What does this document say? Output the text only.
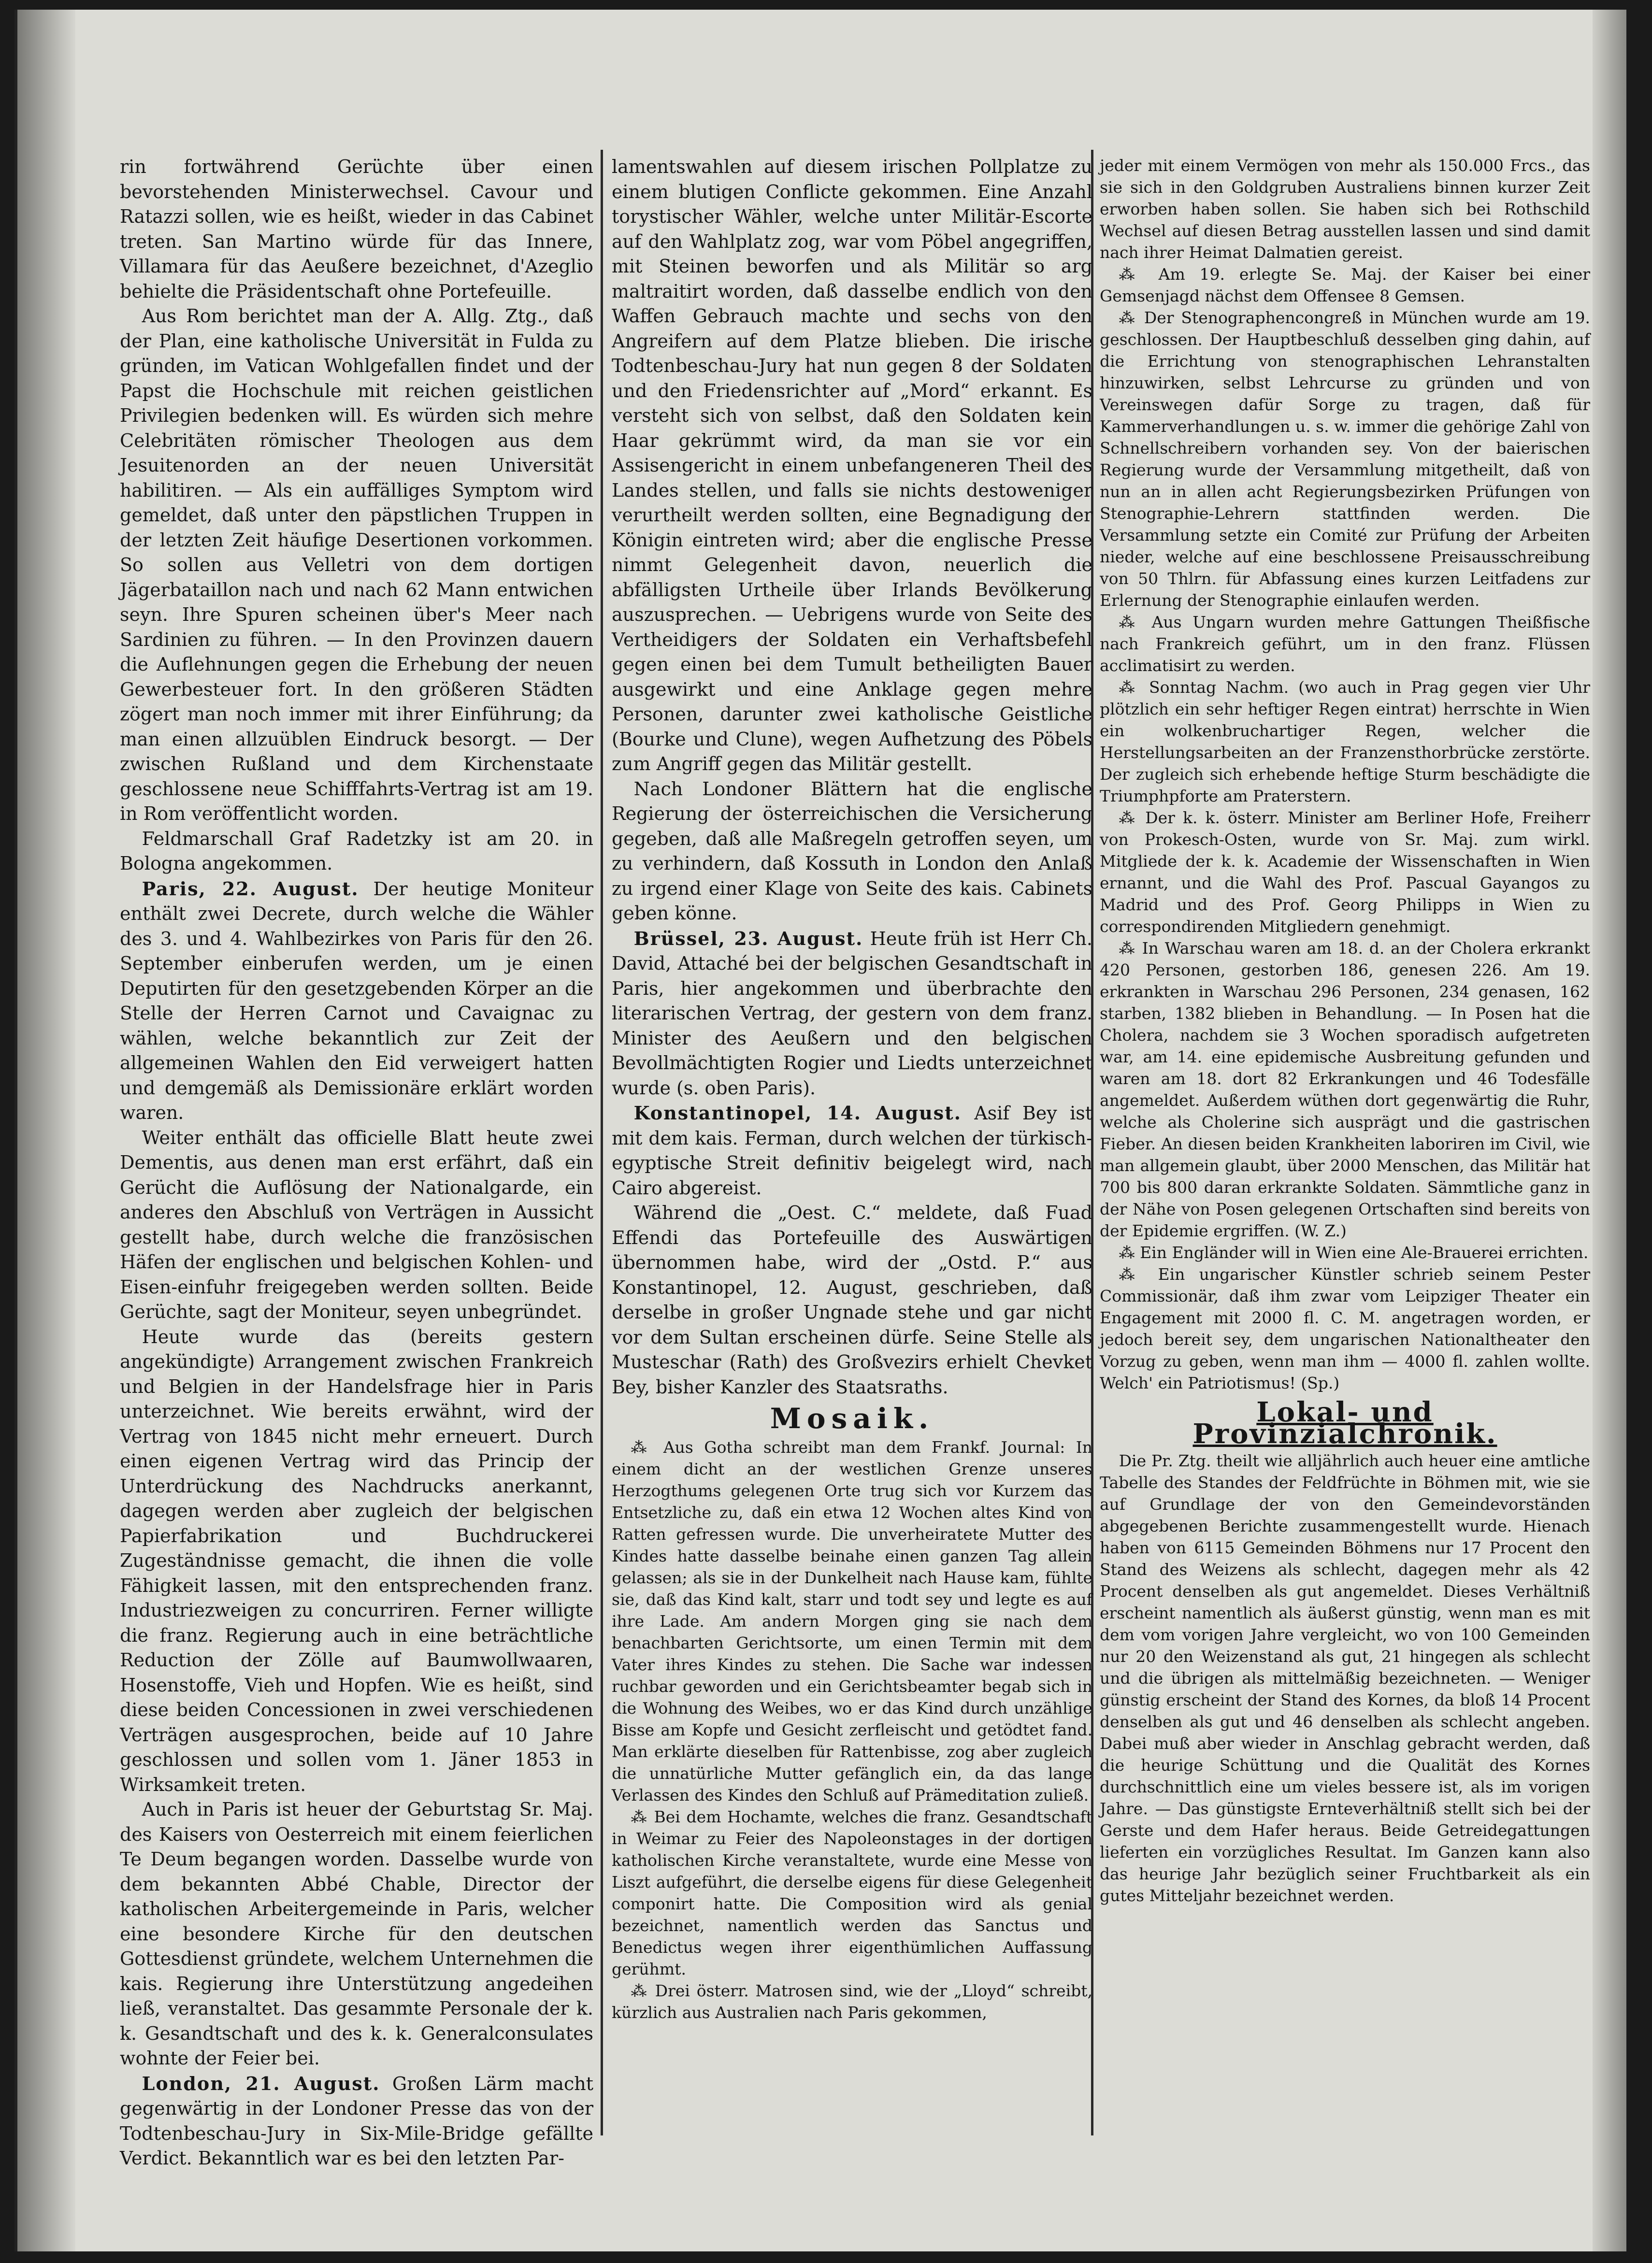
rin fortwährend Gerüchte über einen bevorstehenden Ministerwechsel. Cavour und Ratazzi sollen, wie es heißt, wieder in das Cabinet treten. San Martino würde für das Innere, Villamara für das Aeußere bezeichnet, d'Azeglio behielte die Präsidentschaft ohne Portefeuille.

Aus Rom berichtet man der A. Allg. Ztg., daß der Plan, eine katholische Universität in Fulda zu gründen, im Vatican Wohlgefallen findet und der Papst die Hochschule mit reichen geistlichen Privilegien bedenken will. Es würden sich mehre Celebritäten römischer Theologen aus dem Jesuitenorden an der neuen Universität habilitiren. — Als ein auffälliges Symptom wird gemeldet, daß unter den päpstlichen Truppen in der letzten Zeit häufige Desertionen vorkommen. So sollen aus Velletri von dem dortigen Jägerbataillon nach und nach 62 Mann entwichen seyn. Ihre Spuren scheinen über's Meer nach Sardinien zu führen. — In den Provinzen dauern die Auflehnungen gegen die Erhebung der neuen Gewerbesteuer fort. In den größeren Städten zögert man noch immer mit ihrer Einführung; da man einen allzuüblen Eindruck besorgt. — Der zwischen Rußland und dem Kirchenstaate geschlossene neue Schifffahrts-Vertrag ist am 19. in Rom veröffentlicht worden.

Feldmarschall Graf Radetzky ist am 20. in Bologna angekommen.

Paris, 22. August. Der heutige Moniteur enthält zwei Decrete, durch welche die Wähler des 3. und 4. Wahlbezirkes von Paris für den 26. September einberufen werden, um je einen Deputirten für den gesetzgebenden Körper an die Stelle der Herren Carnot und Cavaignac zu wählen, welche bekanntlich zur Zeit der allgemeinen Wahlen den Eid verweigert hatten und demgemäß als Demissionäre erklärt worden waren.

Weiter enthält das officielle Blatt heute zwei Dementis, aus denen man erst erfährt, daß ein Gerücht die Auflösung der Nationalgarde, ein anderes den Abschluß von Verträgen in Aussicht gestellt habe, durch welche die französischen Häfen der englischen und belgischen Kohlen- und Eisen-einfuhr freigegeben werden sollten. Beide Gerüchte, sagt der Moniteur, seyen unbegründet.

Heute wurde das (bereits gestern angekündigte) Arrangement zwischen Frankreich und Belgien in der Handelsfrage hier in Paris unterzeichnet. Wie bereits erwähnt, wird der Vertrag von 1845 nicht mehr erneuert. Durch einen eigenen Vertrag wird das Princip der Unterdrückung des Nachdrucks anerkannt, dagegen werden aber zugleich der belgischen Papierfabrikation und Buchdruckerei Zugeständnisse gemacht, die ihnen die volle Fähigkeit lassen, mit den entsprechenden franz. Industriezweigen zu concurriren. Ferner willigte die franz. Regierung auch in eine beträchtliche Reduction der Zölle auf Baumwollwaaren, Hosenstoffe, Vieh und Hopfen. Wie es heißt, sind diese beiden Concessionen in zwei verschiedenen Verträgen ausgesprochen, beide auf 10 Jahre geschlossen und sollen vom 1. Jäner 1853 in Wirksamkeit treten.

Auch in Paris ist heuer der Geburtstag Sr. Maj. des Kaisers von Oesterreich mit einem feierlichen Te Deum begangen worden. Dasselbe wurde von dem bekannten Abbé Chable, Director der katholischen Arbeitergemeinde in Paris, welcher eine besondere Kirche für den deutschen Gottesdienst gründete, welchem Unternehmen die kais. Regierung ihre Unterstützung angedeihen ließ, veranstaltet. Das gesammte Personale der k. k. Gesandtschaft und des k. k. Generalconsulates wohnte der Feier bei.

London, 21. August. Großen Lärm macht gegenwärtig in der Londoner Presse das von der Todtenbeschau-Jury in Six-Mile-Bridge gefällte Verdict. Bekanntlich war es bei den letzten Par-

lamentswahlen auf diesem irischen Pollplatze zu einem blutigen Conflicte gekommen. Eine Anzahl torystischer Wähler, welche unter Militär-Escorte auf den Wahlplatz zog, war vom Pöbel angegriffen, mit Steinen beworfen und als Militär so arg maltraitirt worden, daß dasselbe endlich von den Waffen Gebrauch machte und sechs von den Angreifern auf dem Platze blieben. Die irische Todtenbeschau-Jury hat nun gegen 8 der Soldaten und den Friedensrichter auf „Mord“ erkannt. Es versteht sich von selbst, daß den Soldaten kein Haar gekrümmt wird, da man sie vor ein Assisengericht in einem unbefangeneren Theil des Landes stellen, und falls sie nichts destoweniger verurtheilt werden sollten, eine Begnadigung der Königin eintreten wird; aber die englische Presse nimmt Gelegenheit davon, neuerlich die abfälligsten Urtheile über Irlands Bevölkerung auszusprechen. — Uebrigens wurde von Seite des Vertheidigers der Soldaten ein Verhaftsbefehl gegen einen bei dem Tumult betheiligten Bauer ausgewirkt und eine Anklage gegen mehre Personen, darunter zwei katholische Geistliche (Bourke und Clune), wegen Aufhetzung des Pöbels zum Angriff gegen das Militär gestellt.

Nach Londoner Blättern hat die englische Regierung der österreichischen die Versicherung gegeben, daß alle Maßregeln getroffen seyen, um zu verhindern, daß Kossuth in London den Anlaß zu irgend einer Klage von Seite des kais. Cabinets geben könne.

Brüssel, 23. August. Heute früh ist Herr Ch. David, Attaché bei der belgischen Gesandtschaft in Paris, hier angekommen und überbrachte den literarischen Vertrag, der gestern von dem franz. Minister des Aeußern und den belgischen Bevollmächtigten Rogier und Liedts unterzeichnet wurde (s. oben Paris).

Konstantinopel, 14. August. Asif Bey ist mit dem kais. Ferman, durch welchen der türkisch-egyptische Streit definitiv beigelegt wird, nach Cairo abgereist.

Während die „Oest. C.“ meldete, daß Fuad Effendi das Portefeuille des Auswärtigen übernommen habe, wird der „Ostd. P.“ aus Konstantinopel, 12. August, geschrieben, daß derselbe in großer Ungnade stehe und gar nicht vor dem Sultan erscheinen dürfe. Seine Stelle als Musteschar (Rath) des Großvezirs erhielt Chevket Bey, bisher Kanzler des Staatsraths.

Mosaik.

⁂ Aus Gotha schreibt man dem Frankf. Journal: In einem dicht an der westlichen Grenze unseres Herzogthums gelegenen Orte trug sich vor Kurzem das Entsetzliche zu, daß ein etwa 12 Wochen altes Kind von Ratten gefressen wurde. Die unverheiratete Mutter des Kindes hatte dasselbe beinahe einen ganzen Tag allein gelassen; als sie in der Dunkelheit nach Hause kam, fühlte sie, daß das Kind kalt, starr und todt sey und legte es auf ihre Lade. Am andern Morgen ging sie nach dem benachbarten Gerichtsorte, um einen Termin mit dem Vater ihres Kindes zu stehen. Die Sache war indessen ruchbar geworden und ein Gerichtsbeamter begab sich in die Wohnung des Weibes, wo er das Kind durch unzählige Bisse am Kopfe und Gesicht zerfleischt und getödtet fand. Man erklärte dieselben für Rattenbisse, zog aber zugleich die unnatürliche Mutter gefänglich ein, da das lange Verlassen des Kindes den Schluß auf Prämeditation zuließ.

⁂ Bei dem Hochamte, welches die franz. Gesandtschaft in Weimar zu Feier des Napoleonstages in der dortigen katholischen Kirche veranstaltete, wurde eine Messe von Liszt aufgeführt, die derselbe eigens für diese Gelegenheit componirt hatte. Die Composition wird als genial bezeichnet, namentlich werden das Sanctus und Benedictus wegen ihrer eigenthümlichen Auffassung gerühmt.

⁂ Drei österr. Matrosen sind, wie der „Lloyd“ schreibt, kürzlich aus Australien nach Paris gekommen,

jeder mit einem Vermögen von mehr als 150.000 Frcs., das sie sich in den Goldgruben Australiens binnen kurzer Zeit erworben haben sollen. Sie haben sich bei Rothschild Wechsel auf diesen Betrag ausstellen lassen und sind damit nach ihrer Heimat Dalmatien gereist.

⁂ Am 19. erlegte Se. Maj. der Kaiser bei einer Gemsenjagd nächst dem Offensee 8 Gemsen.

⁂ Der Stenographencongreß in München wurde am 19. geschlossen. Der Hauptbeschluß desselben ging dahin, auf die Errichtung von stenographischen Lehranstalten hinzuwirken, selbst Lehrcurse zu gründen und von Vereinswegen dafür Sorge zu tragen, daß für Kammerverhandlungen u. s. w. immer die gehörige Zahl von Schnellschreibern vorhanden sey. Von der baierischen Regierung wurde der Versammlung mitgetheilt, daß von nun an in allen acht Regierungsbezirken Prüfungen von Stenographie-Lehrern stattfinden werden. Die Versammlung setzte ein Comité zur Prüfung der Arbeiten nieder, welche auf eine beschlossene Preisausschreibung von 50 Thlrn. für Abfassung eines kurzen Leitfadens zur Erlernung der Stenographie einlaufen werden.

⁂ Aus Ungarn wurden mehre Gattungen Theißfische nach Frankreich geführt, um in den franz. Flüssen acclimatisirt zu werden.

⁂ Sonntag Nachm. (wo auch in Prag gegen vier Uhr plötzlich ein sehr heftiger Regen eintrat) herrschte in Wien ein wolkenbruchartiger Regen, welcher die Herstellungsarbeiten an der Franzensthorbrücke zerstörte. Der zugleich sich erhebende heftige Sturm beschädigte die Triumphpforte am Praterstern.

⁂ Der k. k. österr. Minister am Berliner Hofe, Freiherr von Prokesch-Osten, wurde von Sr. Maj. zum wirkl. Mitgliede der k. k. Academie der Wissenschaften in Wien ernannt, und die Wahl des Prof. Pascual Gayangos zu Madrid und des Prof. Georg Philipps in Wien zu correspondirenden Mitgliedern genehmigt.

⁂ In Warschau waren am 18. d. an der Cholera erkrankt 420 Personen, gestorben 186, genesen 226. Am 19. erkrankten in Warschau 296 Personen, 234 genasen, 162 starben, 1382 blieben in Behandlung. — In Posen hat die Cholera, nachdem sie 3 Wochen sporadisch aufgetreten war, am 14. eine epidemische Ausbreitung gefunden und waren am 18. dort 82 Erkrankungen und 46 Todesfälle angemeldet. Außerdem wüthen dort gegenwärtig die Ruhr, welche als Cholerine sich ausprägt und die gastrischen Fieber. An diesen beiden Krankheiten laboriren im Civil, wie man allgemein glaubt, über 2000 Menschen, das Militär hat 700 bis 800 daran erkrankte Soldaten. Sämmtliche ganz in der Nähe von Posen gelegenen Ortschaften sind bereits von der Epidemie ergriffen. (W. Z.)

⁂ Ein Engländer will in Wien eine Ale-Brauerei errichten.

⁂ Ein ungarischer Künstler schrieb seinem Pester Commissionär, daß ihm zwar vom Leipziger Theater ein Engagement mit 2000 fl. C. M. angetragen worden, er jedoch bereit sey, dem ungarischen Nationaltheater den Vorzug zu geben, wenn man ihm — 4000 fl. zahlen wollte. Welch' ein Patriotismus! (Sp.)

Lokal- und Provinzialchronik.

Die Pr. Ztg. theilt wie alljährlich auch heuer eine amtliche Tabelle des Standes der Feldfrüchte in Böhmen mit, wie sie auf Grundlage der von den Gemeindevorständen abgegebenen Berichte zusammengestellt wurde. Hienach haben von 6115 Gemeinden Böhmens nur 17 Procent den Stand des Weizens als schlecht, dagegen mehr als 42 Procent denselben als gut angemeldet. Dieses Verhältniß erscheint namentlich als äußerst günstig, wenn man es mit dem vom vorigen Jahre vergleicht, wo von 100 Gemeinden nur 20 den Weizenstand als gut, 21 hingegen als schlecht und die übrigen als mittelmäßig bezeichneten. — Weniger günstig erscheint der Stand des Kornes, da bloß 14 Procent denselben als gut und 46 denselben als schlecht angeben. Dabei muß aber wieder in Anschlag gebracht werden, daß die heurige Schüttung und die Qualität des Kornes durchschnittlich eine um vieles bessere ist, als im vorigen Jahre. — Das günstigste Ernteverhältniß stellt sich bei der Gerste und dem Hafer heraus. Beide Getreidegattungen lieferten ein vorzügliches Resultat. Im Ganzen kann also das heurige Jahr bezüglich seiner Fruchtbarkeit als ein gutes Mitteljahr bezeichnet werden.
